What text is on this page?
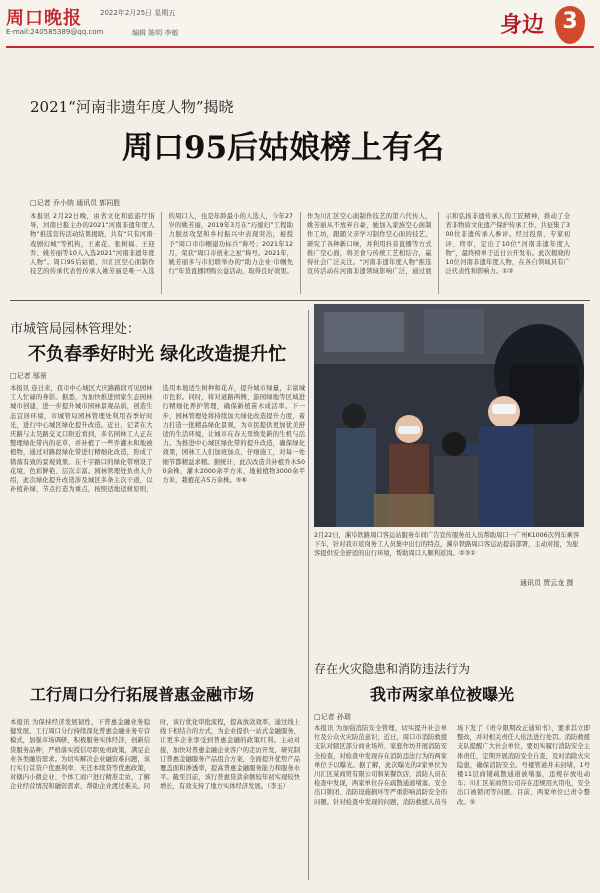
周口晚报	2022年2月25日 星期五
E-mail:240585389@qq.com	编辑 陈明 李敏	身边 3
2021“河南非遗年度人物”揭晓
周口95后姑娘榜上有名
□记者 乔小纳 通讯员 郭同胜
本报讯 2月22日晚，由省文化和旅游厅指导，河南日报主办的2021“河南非遗年度人物”推选宣传活动结果揭晓，共有“只有河南·戏剧幻城”等机构，王素花、张树福、王迎乔、姚芳丽等10人入选2021“河南非遗年度人物”。周口95后姑娘、川汇区空心面制作技艺的传承代表性传承人姚芳丽是唯一入选的周口人，也是年龄最小的人选人，今年27岁的姚芳丽，2019年3月在“巧媳妇”工程助力脱贫攻坚和乡村振兴中表现突出，被授予“周口市巾帼建功标兵”称号；2021年12月，荣获“周口市创业之星”称号。2021年，姚芳丽多与市妇联举办的“助力企业·巾帼先行”年货直播团购公益活动，取得良好效果。作为川汇区空心面制作技艺的第六代传人，姚芳丽从不放弃自豪，她加入家族空心面制作工坊，跟随父亲学习制作空心面的技艺，研究了各种新口味，并利用抖音直播等方式推广空心面，将美食与传统工艺相结合，赢得社会广泛关注。“河南非遗年度人物”推选宣传活动在河南非遗领域影响广泛，通过展示和弘扬非遗传承人的工匠精神，推动了全省非物质文化遗产保护传承工作，共征集了300位非遗传承人参评。经过投票、专家初评、终审，定出了10位“河南非遗年度人物”，最终榜单于近日公开发布。此次揭晓的10位河南非遗年度人物，在各自领域具有广泛代表性和影响力。①②
市城管局园林管理处：
不负春季好时光 绿化改造提升忙
□记者 邬景
本报讯 连日来，我市中心城区大庆路路段可见园林工人忙碌的身影。据悉，为加快推进国家生态园林城市创建，进一步提升城市园林景观品质，创造生态宜居环境，市城管局园林管理处利用春季好时光，进行中心城区绿化提升改造。近日，记者在大庆路与太昊路交叉口附近看到，多名园林工人正在整理绿化带内的花草，并补植了一些乔灌木和地被植物，通过对路段绿化带进行精细化改造，形成了错落有致的景观效果。在十字路口的绿化带增设了花境，色彩鲜艳、层次丰富。园林管理处负责人介绍，此次绿化提升改造涉及城区多条主次干道，以补植补绿、节点打造为重点，按照适地适树原则，选用本地适生树种和花卉，提升城市绿量，丰富城市色彩。同时，将对道路两侧、游园绿地等区域进行精细化养护管理，确保新植苗木成活率。下一步，园林管理处将持续加大绿化改造提升力度，着力打造一批精品绿化景观，为市民提供更加优美舒适的生活环境，让城市在春天里焕发新的生机与活力。为推进中心城区绿化带的提升改造，确保绿化效果，园林工人们加班加点，仔细施工，对每一处细节都精益求精。据统计，此次改造共补植乔木500余株、灌木2000余平方米、地被植物3000余平方米，栽植花卉5万余株。⑤⑥
2月22日，漯阜铁路周口客运站服务车间广告宣传服务员人员帮助周口一广州K1006次列车乘客下车，针对我市返岗务工人员集中出行的特点，漯阜铁路周口客运站提前部署，主动对接，为旅客提供安全舒适的出行环境，帮助周口人顺利返岗。②③①
通讯员 贾云龙 摄
工行周口分行拓展普惠金融市场
本报讯 为保持经济发展韧性，下普惠金融业务稳健发展，工行周口分行持续深化普惠金融业务专营模式，加强市场调研，积极服务实体经济，创新信贷服务品种，严格落实授信尽职免责政策，满足企业各类融资需求。为切实解决企业融资难问题，该行实行首贷户优惠利率、无还本续贷等优惠政策，对辖内小微企业、个体工商户进行精准走访，了解企业经营情况和融资需求，帮助企业渡过难关。同时，该行优化审批流程，提高放款效率，通过线上线下相结合的方式，为企业提供一站式金融服务，让更多企业享受到普惠金融的政策红利。主动对接，加快对普惠金融企业客户的走访开发，研究制订普惠金融服务产品组合方案，全面提升优势产品覆盖面和渗透率，提高普惠金融服务能力和服务水平。截至目前，该行普惠贷款余额较年初实现较快增长，有效支持了地方实体经济发展。（李玉）
存在火灾隐患和消防违法行为
我市两家单位被曝光
□记者 孙瑞
本报讯 为加强消防安全管理，切实提升社会单位及公众火灾防范意识，近日，周口市消防救援支队对辖区部分商业场所、家庭作坊开展消防安全检查，对检查中发现存在消防违法行为的两家单位予以曝光。据了解，此次曝光的2家单位为川汇区某商贸有限公司和某餐饮店，消防人员在检查中发现，两家单位存在疏散通道堵塞、安全出口锁闭、消防设施损坏等严重影响消防安全的问题。针对检查中发现的问题，消防救援人员当场下发了《责令限期改正通知书》，要求其立即整改，并对相关责任人依法进行处罚。消防救援支队提醒广大社会单位，要切实履行消防安全主体责任，定期开展消防安全自查，及时消除火灾隐患，确保消防安全。号楼管道井未封堵，1号楼11层商铺疏散通道被堵塞，违规存放电动车；川汇区某商贸公司存在违规用火用电，安全出口被锁闭等问题。目前，两家单位已责令整改。⑤
